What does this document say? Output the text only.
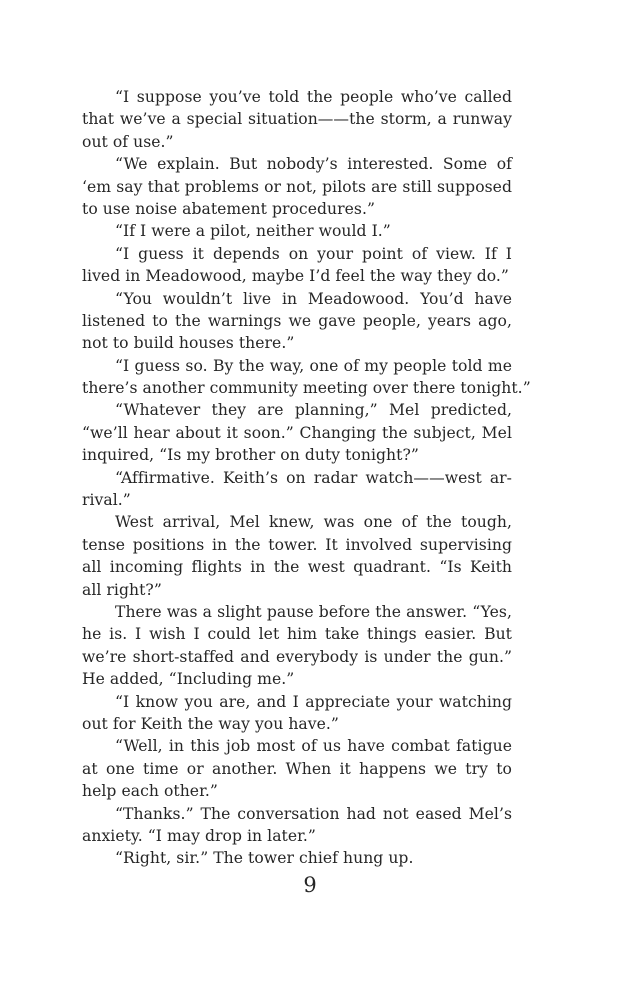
“I suppose you’ve told the people who’ve called
that we’ve a special situation——the storm, a runway
out of use.”
“We explain. But nobody’s interested. Some of
‘em say that problems or not, pilots are still supposed
to use noise abatement procedures.”
“If I were a pilot, neither would I.”
“I guess it depends on your point of view. If I
lived in Meadowood, maybe I’d feel the way they do.”
“You wouldn’t live in Meadowood. You’d have
listened to the warnings we gave people, years ago,
not to build houses there.”
“I guess so. By the way, one of my people told me
there’s another community meeting over there tonight.”
“Whatever they are planning,” Mel predicted,
“we’ll hear about it soon.” Changing the subject, Mel
inquired, “Is my brother on duty tonight?”
“Affirmative. Keith’s on radar watch——west ar-
rival.”
West arrival, Mel knew, was one of the tough,
tense positions in the tower. It involved supervising
all incoming flights in the west quadrant. “Is Keith
all right?”
There was a slight pause before the answer. “Yes,
he is. I wish I could let him take things easier. But
we’re short-staffed and everybody is under the gun.”
He added, “Including me.”
“I know you are, and I appreciate your watching
out for Keith the way you have.”
“Well, in this job most of us have combat fatigue
at one time or another. When it happens we try to
help each other.”
“Thanks.” The conversation had not eased Mel’s
anxiety. “I may drop in later.”
“Right, sir.” The tower chief hung up.
9
